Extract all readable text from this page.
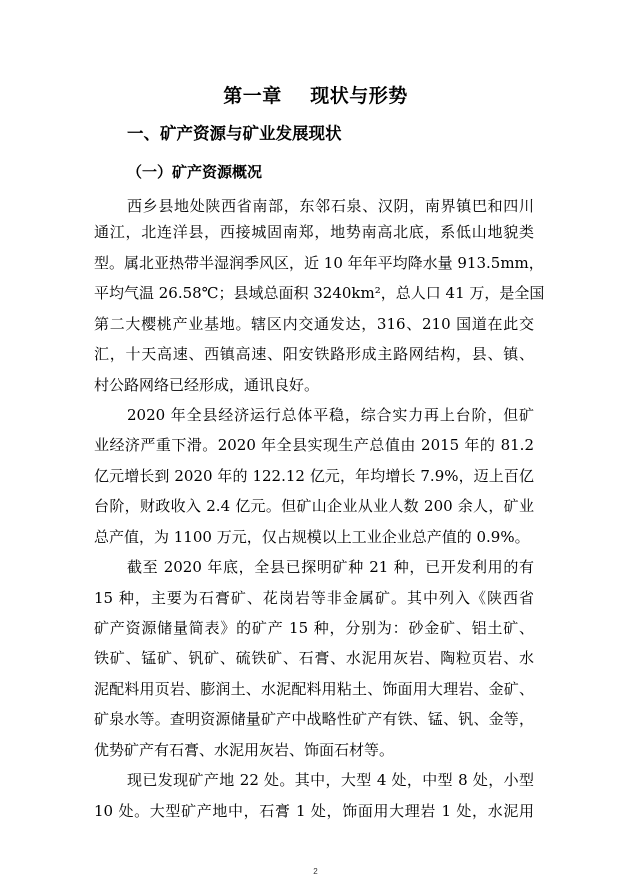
第一章    现状与形势
一、矿产资源与矿业发展现状
（一）矿产资源概况
西乡县地处陕西省南部，东邻石泉、汉阴，南界镇巴和四川
通江，北连洋县，西接城固南郑，地势南高北底，系低山地貌类
型。属北亚热带半湿润季风区，近 10 年年平均降水量 913.5mm，
平均气温 26.58℃；县域总面积 3240km²，总人口 41 万，是全国
第二大樱桃产业基地。辖区内交通发达，316、210 国道在此交
汇，十天高速、西镇高速、阳安铁路形成主路网结构，县、镇、
村公路网络已经形成，通讯良好。
2020 年全县经济运行总体平稳，综合实力再上台阶，但矿
业经济严重下滑。2020 年全县实现生产总值由 2015 年的 81.2
亿元增长到 2020 年的 122.12 亿元，年均增长 7.9%，迈上百亿
台阶，财政收入 2.4 亿元。但矿山企业从业人数 200 余人，矿业
总产值，为 1100 万元，仅占规模以上工业企业总产值的 0.9%。
截至 2020 年底，全县已探明矿种 21 种，已开发利用的有
15 种，主要为石膏矿、花岗岩等非金属矿。其中列入《陕西省
矿产资源储量简表》的矿产 15 种，分别为：砂金矿、铝土矿、
铁矿、锰矿、钒矿、硫铁矿、石膏、水泥用灰岩、陶粒页岩、水
泥配料用页岩、膨润土、水泥配料用粘土、饰面用大理岩、金矿、
矿泉水等。查明资源储量矿产中战略性矿产有铁、锰、钒、金等，
优势矿产有石膏、水泥用灰岩、饰面石材等。
现已发现矿产地 22 处。其中，大型 4 处，中型 8 处，小型
10 处。大型矿产地中，石膏 1 处，饰面用大理岩 1 处，水泥用
2
